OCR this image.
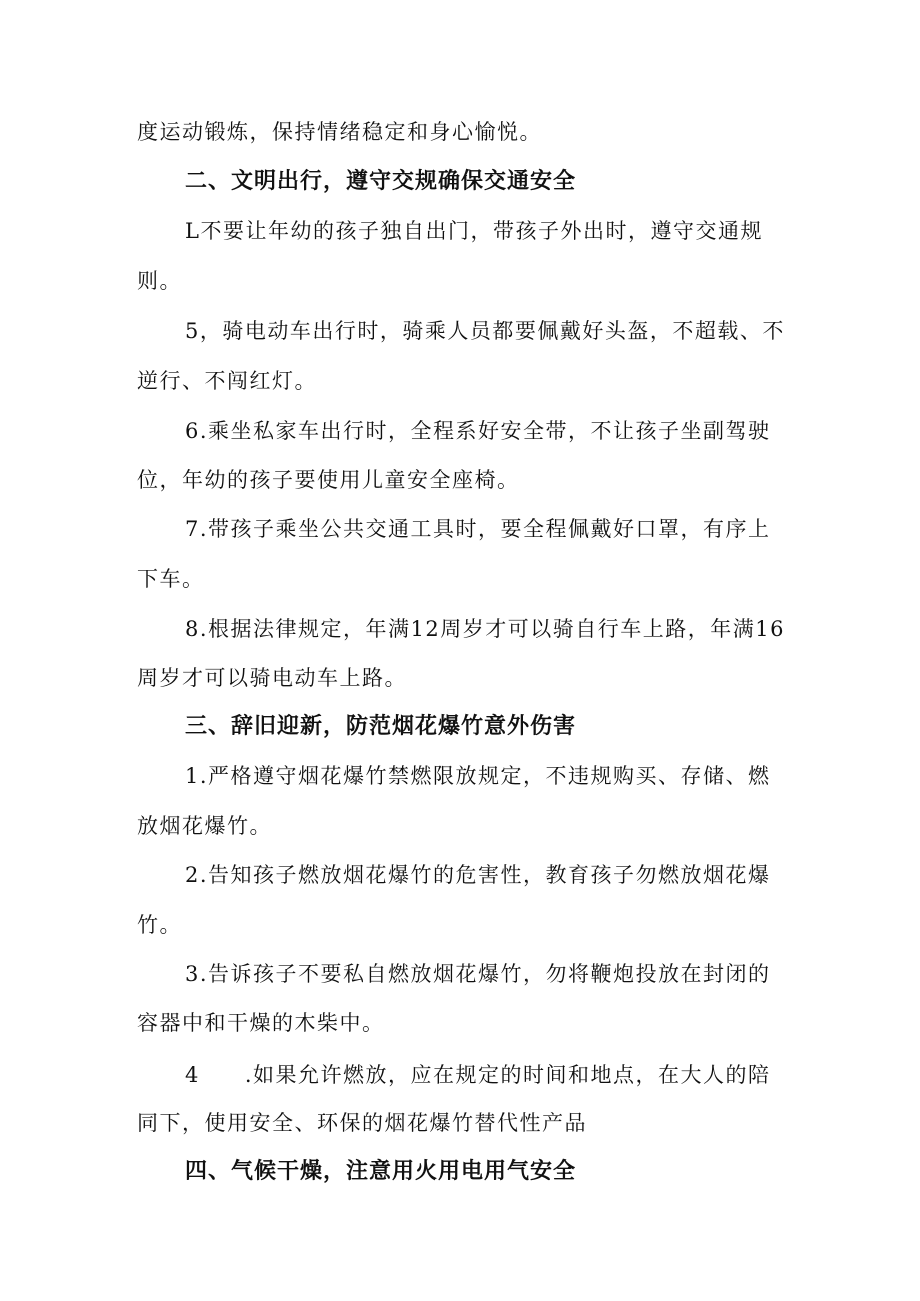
度运动锻炼，保持情绪稳定和身心愉悦。
二、文明出行，遵守交规确保交通安全
L不要让年幼的孩子独自出门，带孩子外出时，遵守交通规
则。
5，骑电动车出行时，骑乘人员都要佩戴好头盔，不超载、不
逆行、不闯红灯。
6.乘坐私家车出行时，全程系好安全带，不让孩子坐副驾驶
位，年幼的孩子要使用儿童安全座椅。
7.带孩子乘坐公共交通工具时，要全程佩戴好口罩，有序上
下车。
8.根据法律规定，年满12周岁才可以骑自行车上路，年满16
周岁才可以骑电动车上路。
三、辞旧迎新，防范烟花爆竹意外伤害
1.严格遵守烟花爆竹禁燃限放规定，不违规购买、存储、燃
放烟花爆竹。
2.告知孩子燃放烟花爆竹的危害性，教育孩子勿燃放烟花爆
竹。
3.告诉孩子不要私自燃放烟花爆竹，勿将鞭炮投放在封闭的
容器中和干燥的木柴中。
4　　.如果允许燃放，应在规定的时间和地点，在大人的陪
同下，使用安全、环保的烟花爆竹替代性产品
四、气候干燥，注意用火用电用气安全
